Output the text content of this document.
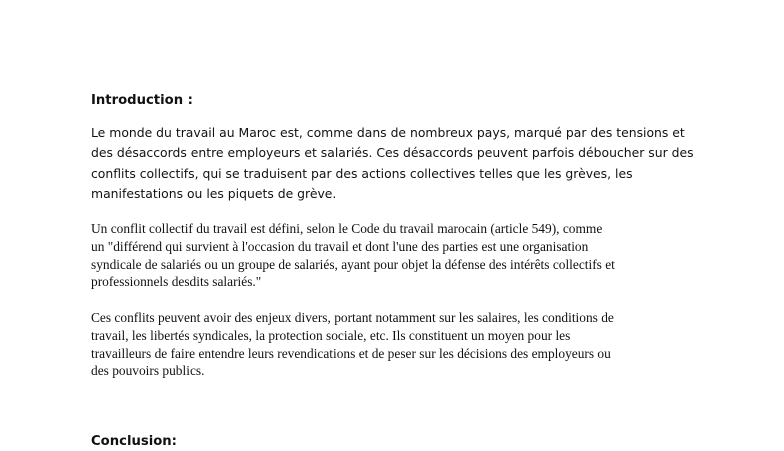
Introduction :

Le monde du travail au Maroc est, comme dans de nombreux pays, marqué par des tensions et
des désaccords entre employeurs et salariés. Ces désaccords peuvent parfois déboucher sur des
conflits collectifs, qui se traduisent par des actions collectives telles que les grèves, les
manifestations ou les piquets de grève.

Un conflit collectif du travail est défini, selon le Code du travail marocain (article 549), comme
un "différend qui survient à l'occasion du travail et dont l'une des parties est une organisation
syndicale de salariés ou un groupe de salariés, ayant pour objet la défense des intérêts collectifs et
professionnels desdits salariés."

Ces conflits peuvent avoir des enjeux divers, portant notamment sur les salaires, les conditions de
travail, les libertés syndicales, la protection sociale, etc. Ils constituent un moyen pour les
travailleurs de faire entendre leurs revendications et de peser sur les décisions des employeurs ou
des pouvoirs publics.

Conclusion:
